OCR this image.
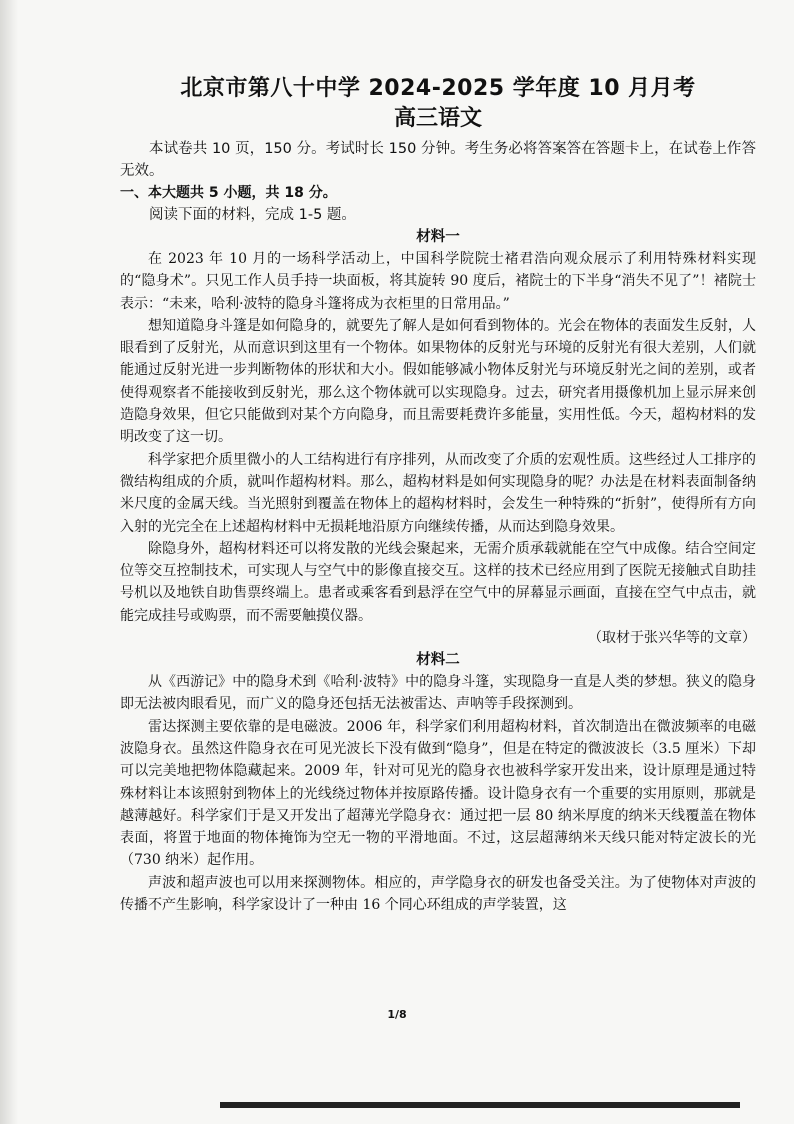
北京市第八十中学 2024-2025 学年度 10 月月考
高三语文

本试卷共 10 页，150 分。考试时长 150 分钟。考生务必将答案答在答题卡上，在试卷上作答无效。

一、本大题共 5 小题，共 18 分。

阅读下面的材料，完成 1-5 题。

材料一

在 2023 年 10 月的一场科学活动上，中国科学院院士褚君浩向观众展示了利用特殊材料实现的“隐身术”。只见工作人员手持一块面板，将其旋转 90 度后，褚院士的下半身“消失不见了”！褚院士表示：“未来，哈利·波特的隐身斗篷将成为衣柜里的日常用品。”

想知道隐身斗篷是如何隐身的，就要先了解人是如何看到物体的。光会在物体的表面发生反射，人眼看到了反射光，从而意识到这里有一个物体。如果物体的反射光与环境的反射光有很大差别，人们就能通过反射光进一步判断物体的形状和大小。假如能够减小物体反射光与环境反射光之间的差别，或者使得观察者不能接收到反射光，那么这个物体就可以实现隐身。过去，研究者用摄像机加上显示屏来创造隐身效果，但它只能做到对某个方向隐身，而且需要耗费许多能量，实用性低。今天，超构材料的发明改变了这一切。

科学家把介质里微小的人工结构进行有序排列，从而改变了介质的宏观性质。这些经过人工排序的微结构组成的介质，就叫作超构材料。那么，超构材料是如何实现隐身的呢？办法是在材料表面制备纳米尺度的金属天线。当光照射到覆盖在物体上的超构材料时，会发生一种特殊的“折射”，使得所有方向入射的光完全在上述超构材料中无损耗地沿原方向继续传播，从而达到隐身效果。

除隐身外，超构材料还可以将发散的光线会聚起来，无需介质承载就能在空气中成像。结合空间定位等交互控制技术，可实现人与空气中的影像直接交互。这样的技术已经应用到了医院无接触式自助挂号机以及地铁自助售票终端上。患者或乘客看到悬浮在空气中的屏幕显示画面，直接在空气中点击，就能完成挂号或购票，而不需要触摸仪器。

（取材于张兴华等的文章）
材料二

从《西游记》中的隐身术到《哈利·波特》中的隐身斗篷，实现隐身一直是人类的梦想。狭义的隐身即无法被肉眼看见，而广义的隐身还包括无法被雷达、声呐等手段探测到。

雷达探测主要依靠的是电磁波。2006 年，科学家们利用超构材料，首次制造出在微波频率的电磁波隐身衣。虽然这件隐身衣在可见光波长下没有做到“隐身”，但是在特定的微波波长（3.5 厘米）下却可以完美地把物体隐藏起来。2009 年，针对可见光的隐身衣也被科学家开发出来，设计原理是通过特殊材料让本该照射到物体上的光线绕过物体并按原路传播。设计隐身衣有一个重要的实用原则，那就是越薄越好。科学家们于是又开发出了超薄光学隐身衣：通过把一层 80 纳米厚度的纳米天线覆盖在物体表面，将置于地面的物体掩饰为空无一物的平滑地面。不过，这层超薄纳米天线只能对特定波长的光（730 纳米）起作用。

声波和超声波也可以用来探测物体。相应的，声学隐身衣的研发也备受关注。为了使物体对声波的传播不产生影响，科学家设计了一种由 16 个同心环组成的声学装置，这

1/8
